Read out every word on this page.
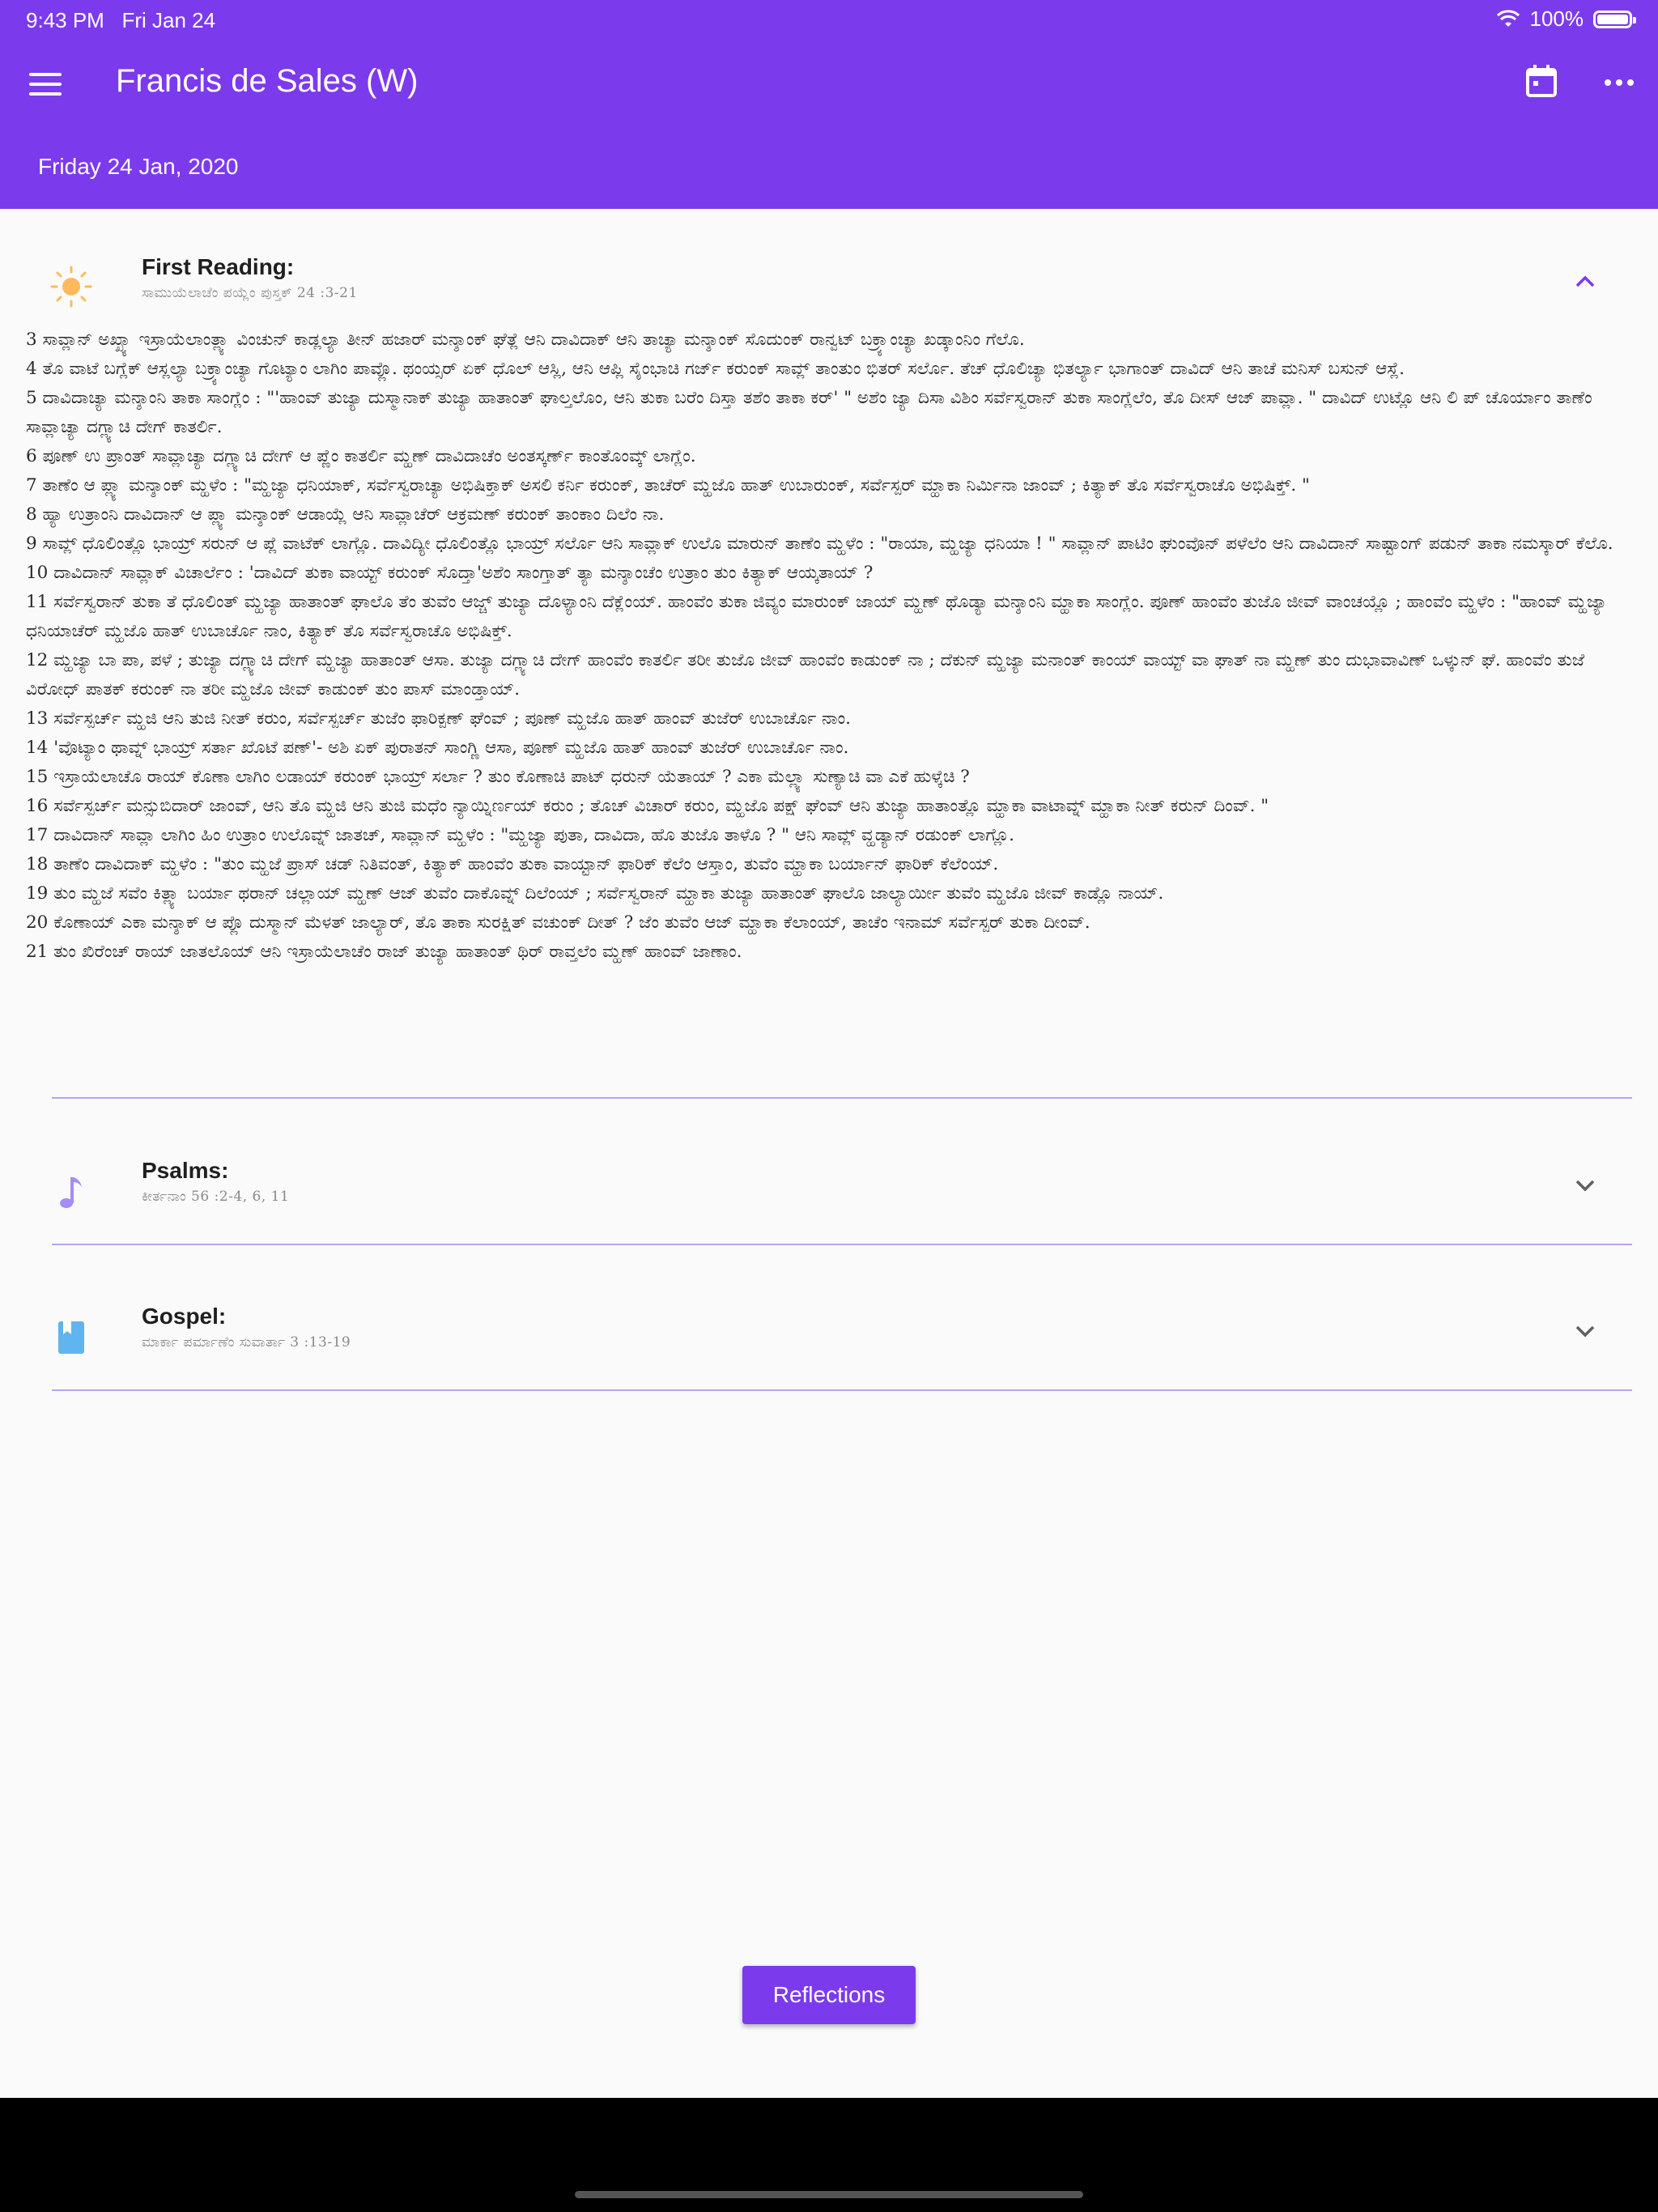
9:43 PM Fri Jan 24	100%
Francis de Sales (W)
Friday 24 Jan, 2020
First Reading:
ಸಾಮುಯೆಲಾಚೆಂ ಪಯ್ಲೆಂ ಪುಸ್ತಕ್ 24 :3-21

3 ಸಾವ್ಲಾನ್ ಅಖ್ಖ್ಯಾ ಇಸ್ರಾಯೆಲಾಂತ್ಲ್ಯಾ ವಿಂಚುನ್ ಕಾಡ್ಲಲ್ಯಾ ತೀನ್ ಹಜಾರ್ ಮನ್ಶಾಂಕ್ ಘೆತ್ಲೆ ಆನಿ ದಾವಿದಾಕ್ ಆನಿ ತಾಚ್ಯಾ ಮನ್ಶಾಂಕ್ ಸೊದುಂಕ್ ರಾನ್ವಟ್ ಬಕ್ರ್ಯಾಂಚ್ಯಾ ಖಡ್ಕಾಂನಿಂ ಗೆಲೊ.

4 ತೊ ವಾಟೆ ಬಗ್ಲೆಕ್ ಆಸ್ಲಲ್ಯಾ ಬಕ್ರ್ಯಾಂಚ್ಯಾ ಗೊಟ್ಯಾಂ ಲಾಗಿಂ ಪಾವ್ಲೊ. ಥಂಯ್ಸರ್ ಏಕ್ ಧೊಲ್ ಆಸ್ಲಿ, ಆನಿ ಆಪ್ಲಿ ಸೈಂಭಾಚಿ ಗರ್ಜ್ ಕರುಂಕ್ ಸಾವ್ಲ್ ತಾಂತುಂ ಭಿತರ್ ಸರ್ಲೊ. ತೆಚ್ ಧೊಲಿಚ್ಯಾ ಭಿತರ್ಲ್ಯಾ ಭಾಗಾಂತ್ ದಾವಿದ್ ಆನಿ ತಾಚೆ ಮನಿಸ್ ಬಸುನ್ ಆಸ್ಲೆ.

5 ದಾವಿದಾಚ್ಯಾ ಮನ್ಶಾಂನಿ ತಾಕಾ ಸಾಂಗ್ಲೆಂ : "'ಹಾಂವ್ ತುಜ್ಯಾ ದುಸ್ಮಾನಾಕ್ ತುಜ್ಯಾ ಹಾತಾಂತ್ ಘಾಲ್ತಲೊಂ, ಆನಿ ತುಕಾ ಬರೆಂ ದಿಸ್ತಾ ತಶೆಂ ತಾಕಾ ಕರ್' " ಅಶೆಂ ಜ್ಯಾ ದಿಸಾ ವಿಶಿಂ ಸರ್ವೆಸ್ವರಾನ್ ತುಕಾ ಸಾಂಗ್ಲೆಲೆಂ, ತೊ ದೀಸ್ ಆಜ್ ಪಾವ್ಲಾ. " ದಾವಿದ್ ಉಟ್ಲೊ ಆನಿ ಲಿ ಪ್ ಚೊರ್ಯಾಂ ತಾಣೆಂ ಸಾವ್ಲಾಚ್ಯಾ ದಗ್ಲ್ಯಾಚಿ ದೇಗ್ ಕಾತರ್ಲಿ.

6 ಪೂಣ್ ಉ ಪ್ರಾಂತ್ ಸಾವ್ಲಾಚ್ಯಾ ದಗ್ಲ್ಯಾಚಿ ದೇಗ್ ಆ ಪ್ಣೆಂ ಕಾತರ್ಲಿ ಮ್ಹಣ್ ದಾವಿದಾಚೆಂ ಅಂತಸ್ಕರ್ಣ್ ಕಾಂತೊಂವ್ಕ್ ಲಾಗ್ಲೆಂ.

7 ತಾಣೆಂ ಆ ಪ್ಲ್ಯಾ ಮನ್ಶಾಂಕ್ ಮ್ಹಳೆಂ : "ಮ್ಹಜ್ಯಾ ಧನಿಯಾಕ್, ಸರ್ವೆಸ್ವರಾಚ್ಯಾ ಅಭಿಷಿಕ್ತಾಕ್ ಅಸಲಿ ಕರ್ನಿ ಕರುಂಕ್, ತಾಚೆರ್ ಮ್ಹಜೊ ಹಾತ್ ಉಬಾರುಂಕ್, ಸರ್ವೆಸ್ಪರ್ ಮ್ಹಾಕಾ ನಿರ್ಮಿನಾ ಜಾಂವ್ ; ಕಿತ್ಯಾಕ್ ತೊ ಸರ್ವೆಸ್ವರಾಚೊ ಅಭಿಷಿಕ್ತ್. "

8 ಹ್ಯಾ ಉತ್ರಾಂನಿ ದಾವಿದಾನ್ ಆ ಪ್ಲ್ಯಾ ಮನ್ಶಾಂಕ್ ಆಡಾಯ್ಲೆ ಆನಿ ಸಾವ್ಲಾಚೆರ್ ಆಕ್ರಮಣ್ ಕರುಂಕ್ ತಾಂಕಾಂ ದಿಲೆಂ ನಾ.

9 ಸಾವ್ಲ್ ಧೊಲಿಂತ್ಲೊ ಭಾಯ್ರ್ ಸರುನ್ ಆ ಪ್ಲೆ ವಾಟೆಕ್ ಲಾಗ್ಲೊ. ದಾವಿದ್ಯೀ ಧೊಲಿಂತ್ಲೊ ಭಾಯ್ರ್ ಸರ್ಲೊ ಆನಿ ಸಾವ್ಲಾಕ್ ಉಲೊ ಮಾರುನ್ ತಾಣೆಂ ಮ್ಹಳೆಂ : "ರಾಯಾ, ಮ್ಹಜ್ಯಾ ಧನಿಯಾ ! " ಸಾವ್ಲಾನ್ ಪಾಟಿಂ ಘುಂವೊನ್ ಪಳೆಲೆಂ ಆನಿ ದಾವಿದಾನ್ ಸಾಷ್ಟಾಂಗ್ ಪಡುನ್ ತಾಕಾ ನಮಸ್ಕಾರ್ ಕೆಲೊ.

10 ದಾವಿದಾನ್ ಸಾವ್ಲಾಕ್ ವಿಚಾರ್ಲೆಂ : 'ದಾವಿದ್ ತುಕಾ ವಾಯ್ಟ್ ಕರುಂಕ್ ಸೊದ್ತಾ'ಅಶೆಂ ಸಾಂಗ್ತಾತ್ ತ್ಯಾ ಮನ್ಶಾಂಚೆಂ ಉತ್ರಾಂ ತುಂ ಕಿತ್ಯಾಕ್ ಆಯ್ಕತಾಯ್ ?

11 ಸರ್ವೆಸ್ವರಾನ್ ತುಕಾ ತೆ ಧೊಲಿಂತ್ ಮ್ಹಜ್ಯಾ ಹಾತಾಂತ್ ಘಾಲೊ ತೆಂ ತುವೆಂ ಆಜ್ಚ್ ತುಜ್ಯಾ ದೊಳ್ಯಾಂನಿ ದೆಕ್ಲೆಂಯ್. ಹಾಂವೆಂ ತುಕಾ ಜಿವ್ಯಂ ಮಾರುಂಕ್ ಜಾಯ್ ಮ್ಹಣ್ ಥೊಡ್ಯಾ ಮನ್ಶಾಂನಿ ಮ್ಹಾಕಾ ಸಾಂಗ್ಲೆಂ. ಪೂಣ್ ಹಾಂವೆಂ ತುಜೊ ಜೀವ್ ವಾಂಚಯ್ಲೊ ; ಹಾಂವೆಂ ಮ್ಹಳೆಂ : "ಹಾಂವ್ ಮ್ಹಜ್ಯಾ ಧನಿಯಾಚೆರ್ ಮ್ಹಜೊ ಹಾತ್ ಉಬಾರ್ಚೊ ನಾಂ, ಕಿತ್ಯಾಕ್ ತೊ ಸರ್ವೆಸ್ವರಾಚೊ ಅಭಿಷಿಕ್ತ್.

12 ಮ್ಹಜ್ಯಾ ಬಾ ಪಾ, ಪಳೆ ; ತುಜ್ಯಾ ದಗ್ಲ್ಯಾಚಿ ದೇಗ್ ಮ್ಹಜ್ಯಾ ಹಾತಾಂತ್ ಆಸಾ. ತುಜ್ಯಾ ದಗ್ಲ್ಯಾಚಿ ದೇಗ್ ಹಾಂವೆಂ ಕಾತರ್ಲಿ ತರೀ ತುಜೊ ಜೀವ್ ಹಾಂವೆಂ ಕಾಡುಂಕ್ ನಾ ; ದೆಕುನ್ ಮ್ಹಜ್ಯಾ ಮನಾಂತ್ ಕಾಂಯ್ ವಾಯ್ಟ್ ವಾ ಘಾತ್ ನಾ ಮ್ಹಣ್ ತುಂ ದುಭಾವಾವಿಣ್ ಒಳ್ಕುನ್ ಘೆ. ಹಾಂವೆಂ ತುಜೆ ವಿರೋಧ್ ಪಾತಕ್ ಕರುಂಕ್ ನಾ ತರೀ ಮ್ಹಜೊ ಜೀವ್ ಕಾಡುಂಕ್ ತುಂ ಪಾಸ್ ಮಾಂಡ್ತಾಯ್.

13 ಸರ್ವೆಸ್ಪರ್ಚ್ ಮ್ಹಜಿ ಆನಿ ತುಜಿ ನೀತ್ ಕರುಂ, ಸರ್ವೆಸ್ಪರ್ಚ್ ತುಜೆಂ ಫಾರಿಕ್ಪಣ್ ಘೆಂವ್ ; ಪೂಣ್ ಮ್ಹಜೊ ಹಾತ್ ಹಾಂವ್ ತುಜೆರ್ ಉಬಾರ್ಚೊ ನಾಂ.

14 'ವೊಟ್ಯಾಂ ಥಾವ್ನ್ ಭಾಯ್ರ್ ಸರ್ತಾ ಖೊಟೆ ಪಣ್'- ಅಶಿ ಏಕ್ ಪುರಾತನ್ ಸಾಂಗ್ಣಿ ಆಸಾ, ಪೂಣ್ ಮ್ಹಜೊ ಹಾತ್ ಹಾಂವ್ ತುಜೆರ್ ಉಬಾರ್ಚೊ ನಾಂ.

15 ಇಸ್ರಾಯೆಲಾಚೊ ರಾಯ್ ಕೊಣಾ ಲಾಗಿಂ ಲಡಾಯ್ ಕರುಂಕ್ ಭಾಯ್ರ್ ಸರ್ಲಾ ? ತುಂ ಕೊಣಾಚಿ ಪಾಟ್ ಧರುನ್ ಯೆತಾಯ್ ? ಎಕಾ ಮೆಲ್ಲ್ಯಾ ಸುಣ್ಯಾಚಿ ವಾ ಎಕೆ ಹುಳ್ಕೆಚಿ ?

16 ಸರ್ವೆಸ್ಪರ್ಚ್ ಮನ್ಸುಬಿದಾರ್ ಜಾಂವ್, ಆನಿ ತೊ ಮ್ಹಜಿ ಆನಿ ತುಜಿ ಮಧೆಂ ನ್ಯಾಯ್ನಿರ್ಣಯ್ ಕರುಂ ; ತೊಚ್ ವಿಚಾರ್ ಕರುಂ, ಮ್ಹಜೊ ಪಕ್ಷ್ ಘೆಂವ್ ಆನಿ ತುಜ್ಯಾ ಹಾತಾಂತ್ಲೊ ಮ್ಹಾಕಾ ವಾಟಾವ್ನ್ ಮ್ಹಾಕಾ ನೀತ್ ಕರುನ್ ದಿಂವ್. "

17 ದಾವಿದಾನ್ ಸಾವ್ಲಾ ಲಾಗಿಂ ಹಿಂ ಉತ್ರಾಂ ಉಲೊವ್ನ್ ಜಾತಚ್, ಸಾವ್ಲಾನ್ ಮ್ಹಳೆಂ : "ಮ್ಹಜ್ಯಾ ಪುತಾ, ದಾವಿದಾ, ಹೊ ತುಜೊ ತಾಳೊ ? " ಆನಿ ಸಾವ್ಲ್ ವ್ಹಡ್ಯಾನ್ ರಡುಂಕ್ ಲಾಗ್ಲೊ.

18 ತಾಣೆಂ ದಾವಿದಾಕ್ ಮ್ಹಳೆಂ : "ತುಂ ಮ್ಹಜೆ ಪ್ರಾಸ್ ಚಡ್ ನಿತಿವಂತ್, ಕಿತ್ಯಾಕ್ ಹಾಂವೆಂ ತುಕಾ ವಾಯ್ಟಾನ್ ಫಾರಿಕ್ ಕೆಲೆಂ ಆಸ್ತಾಂ, ತುವೆಂ ಮ್ಹಾಕಾ ಬರ್ಯಾನ್ ಫಾರಿಕ್ ಕೆಲೆಂಯ್.

19 ತುಂ ಮ್ಹಜೆ ಸವೆಂ ಕಿತ್ಲ್ಯಾ ಬರ್ಯಾ ಥರಾನ್ ಚಲ್ಲಾಯ್ ಮ್ಹಣ್ ಆಜ್ ತುವೆಂ ದಾಕೊವ್ನ್ ದಿಲೆಂಯ್ ; ಸರ್ವೆಸ್ವರಾನ್ ಮ್ಹಾಕಾ ತುಜ್ಯಾ ಹಾತಾಂತ್ ಘಾಲೊ ಜಾಲ್ಯಾರ್ಯೀ ತುವೆಂ ಮ್ಹಜೊ ಜೀವ್ ಕಾಡ್ಲೊ ನಾಯ್.

20 ಕೊಣಾಯ್ ಎಕಾ ಮನ್ಶಾಕ್ ಆ ಪ್ಲೊ ದುಸ್ಮಾನ್ ಮೆಳತ್ ಜಾಲ್ಯಾರ್, ತೊ ತಾಕಾ ಸುರಕ್ಷಿತ್ ವಚುಂಕ್ ದೀತ್ ? ಜೆಂ ತುವೆಂ ಆಜ್ ಮ್ಹಾಕಾ ಕೆಲಾಂಯ್, ತಾಚೆಂ ಇನಾಮ್ ಸರ್ವೆಸ್ಪರ್ ತುಕಾ ದೀಂವ್.

21 ತುಂ ಖಿರೆಂಚ್ ರಾಯ್ ಜಾತಲೊಯ್ ಆನಿ ಇಸ್ರಾಯೆಲಾಚೆಂ ರಾಜ್ ತುಜ್ಯಾ ಹಾತಾಂತ್ ಥಿರ್ ರಾವ್ತಲೆಂ ಮ್ಹಣ್ ಹಾಂವ್ ಜಾಣಾಂ.

Psalms:
ಕೀರ್ತನಾಂ 56 :2-4, 6, 11
Gospel:
ಮಾರ್ಕಾ ಪರ್ಮಾಣೆಂ ಸುವಾರ್ತಾ 3 :13-19
Reflections
